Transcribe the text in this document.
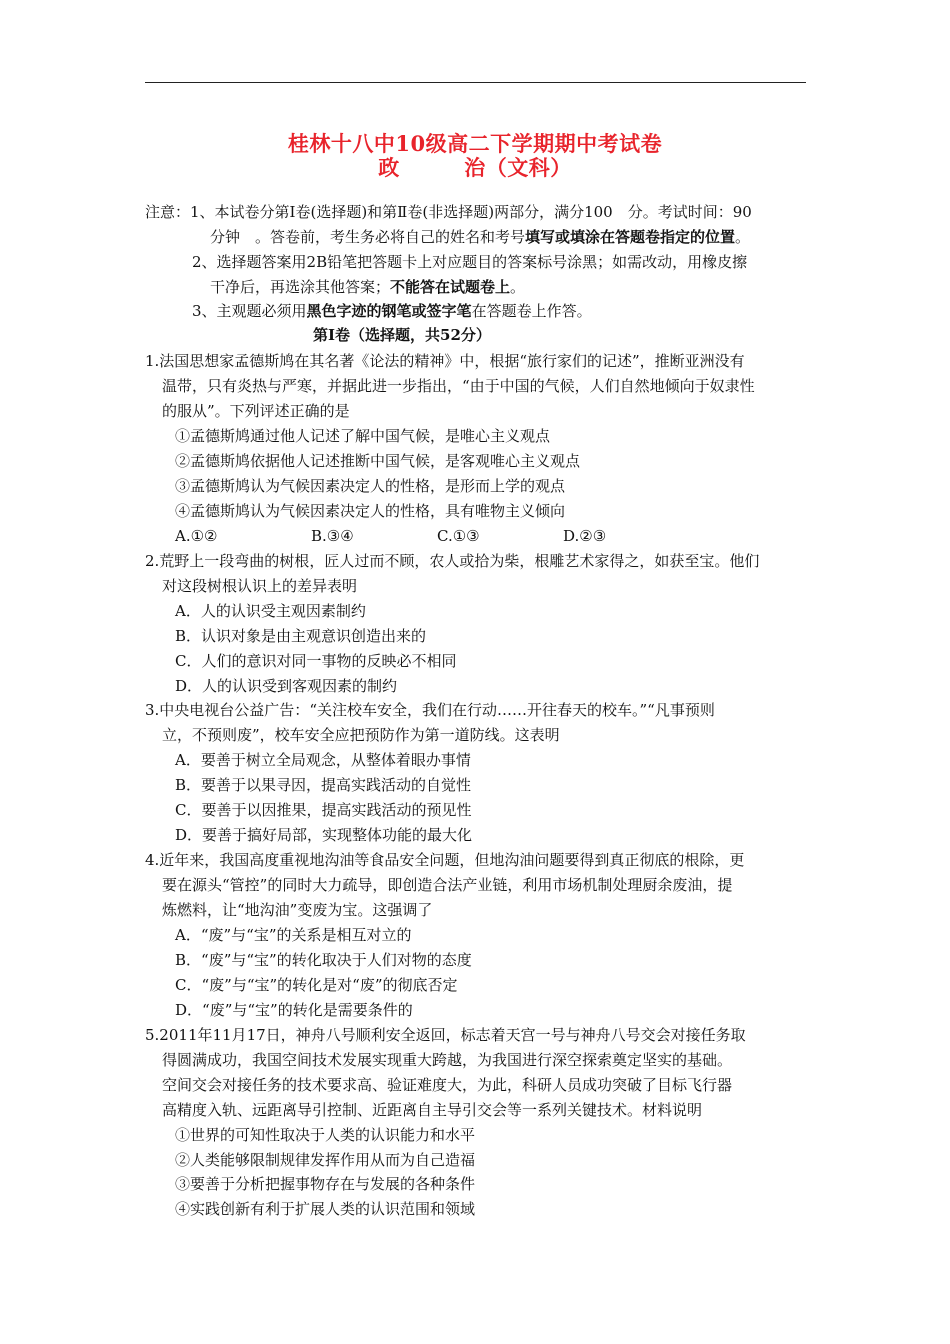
桂林十八中10级高二下学期期中考试卷
政　　　治（文科）
注意：1、本试卷分第Ⅰ卷(选择题)和第Ⅱ卷(非选择题)两部分，满分100　分。考试时间：90
分钟　。答卷前，考生务必将自己的姓名和考号填写或填涂在答题卷指定的位置。
2、选择题答案用2B铅笔把答题卡上对应题目的答案标号涂黑；如需改动，用橡皮擦
干净后，再选涂其他答案；不能答在试题卷上。
3、主观题必须用黑色字迹的钢笔或签字笔在答题卷上作答。
第Ⅰ卷（选择题，共52分）
1.法国思想家孟德斯鸠在其名著《论法的精神》中，根据“旅行家们的记述”，推断亚洲没有
温带，只有炎热与严寒，并据此进一步指出，“由于中国的气候，人们自然地倾向于奴隶性
的服从”。下列评述正确的是
①孟德斯鸠通过他人记述了解中国气候，是唯心主义观点
②孟德斯鸠依据他人记述推断中国气候，是客观唯心主义观点
③孟德斯鸠认为气候因素决定人的性格，是形而上学的观点
④孟德斯鸠认为气候因素决定人的性格，具有唯物主义倾向
A.①②	B.③④	C.①③	D.②③
2.荒野上一段弯曲的树根，匠人过而不顾，农人或拾为柴，根雕艺术家得之，如获至宝。他们
对这段树根认识上的差异表明
A．人的认识受主观因素制约
B．认识对象是由主观意识创造出来的
C．人们的意识对同一事物的反映必不相同
D．人的认识受到客观因素的制约
3.中央电视台公益广告：“关注校车安全，我们在行动……开往春天的校车。”“凡事预则
立，不预则废”，校车安全应把预防作为第一道防线。这表明
A．要善于树立全局观念，从整体着眼办事情
B．要善于以果寻因，提高实践活动的自觉性
C．要善于以因推果，提高实践活动的预见性
D．要善于搞好局部，实现整体功能的最大化
4.近年来，我国高度重视地沟油等食品安全问题，但地沟油问题要得到真正彻底的根除，更
要在源头“管控”的同时大力疏导，即创造合法产业链，利用市场机制处理厨余废油，提
炼燃料，让“地沟油”变废为宝。这强调了
A．“废”与“宝”的关系是相互对立的
B．“废”与“宝”的转化取决于人们对物的态度
C．“废”与“宝”的转化是对“废”的彻底否定
D．“废”与“宝”的转化是需要条件的
5.2011年11月17日，神舟八号顺利安全返回，标志着天宫一号与神舟八号交会对接任务取
得圆满成功，我国空间技术发展实现重大跨越，为我国进行深空探索奠定坚实的基础。
空间交会对接任务的技术要求高、验证难度大，为此，科研人员成功突破了目标飞行器
高精度入轨、远距离导引控制、近距离自主导引交会等一系列关键技术。材料说明
①世界的可知性取决于人类的认识能力和水平
②人类能够限制规律发挥作用从而为自己造福
③要善于分析把握事物存在与发展的各种条件
④实践创新有利于扩展人类的认识范围和领域
